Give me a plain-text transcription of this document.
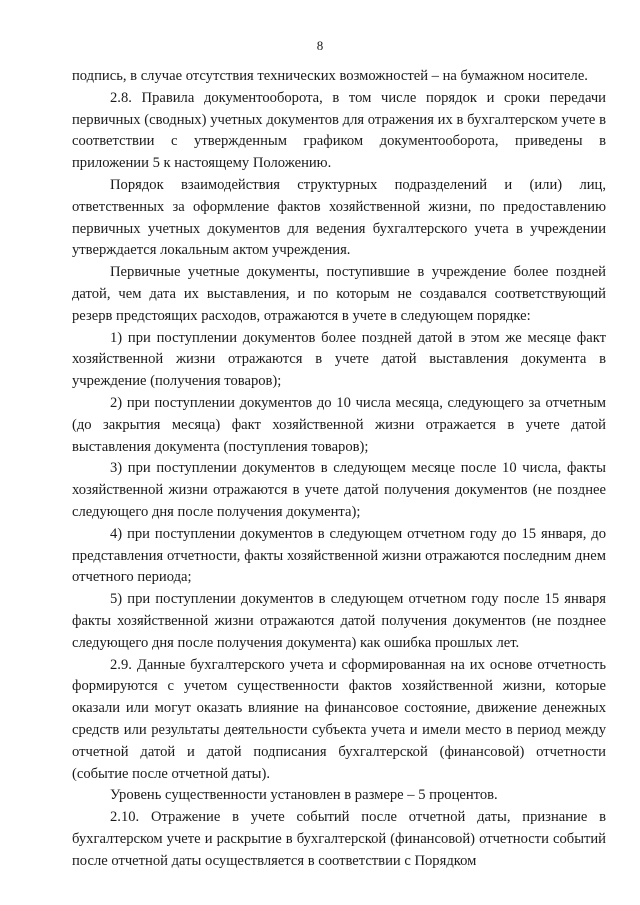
8

подпись, в случае отсутствия технических возможностей – на бумажном носителе.

2.8. Правила документооборота, в том числе порядок и сроки передачи первичных (сводных) учетных документов для отражения их в бухгалтерском учете в соответствии с утвержденным графиком документооборота, приведены в приложении 5 к настоящему Положению.

Порядок взаимодействия структурных подразделений и (или) лиц, ответственных за оформление фактов хозяйственной жизни, по предоставлению первичных учетных документов для ведения бухгалтерского учета в учреждении утверждается локальным актом учреждения.

Первичные учетные документы, поступившие в учреждение более поздней датой, чем дата их выставления, и по которым не создавался соответствующий резерв предстоящих расходов, отражаются в учете в следующем порядке:

1) при поступлении документов более поздней датой в этом же месяце факт хозяйственной жизни отражаются в учете датой выставления документа в учреждение (получения товаров);

2) при поступлении документов до 10 числа месяца, следующего за отчетным (до закрытия месяца) факт хозяйственной жизни отражается в учете датой выставления документа (поступления товаров);

3) при поступлении документов в следующем месяце после 10 числа, факты хозяйственной жизни отражаются в учете датой получения документов (не позднее следующего дня после получения документа);

4) при поступлении документов в следующем отчетном году до 15 января, до представления отчетности, факты хозяйственной жизни отражаются последним днем отчетного периода;

5) при поступлении документов в следующем отчетном году после 15 января факты хозяйственной жизни отражаются датой получения документов (не позднее следующего дня после получения документа) как ошибка прошлых лет.

2.9. Данные бухгалтерского учета и сформированная на их основе отчетность формируются с учетом существенности фактов хозяйственной жизни, которые оказали или могут оказать влияние на финансовое состояние, движение денежных средств или результаты деятельности субъекта учета и имели место в период между отчетной датой и датой подписания бухгалтерской (финансовой) отчетности (событие после отчетной даты).

Уровень существенности установлен в размере – 5 процентов.

2.10. Отражение в учете событий после отчетной даты, признание в бухгалтерском учете и раскрытие в бухгалтерской (финансовой) отчетности событий после отчетной даты осуществляется в соответствии с Порядком
